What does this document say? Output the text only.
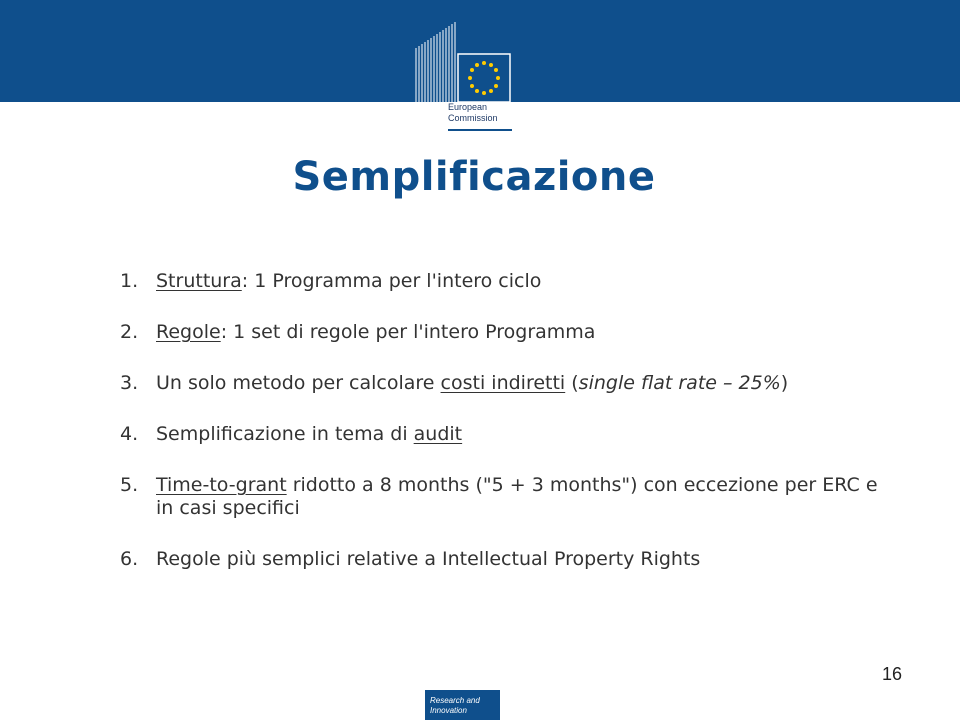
European
Commission
Semplificazione
1. Struttura: 1 Programma per l'intero ciclo
2. Regole: 1 set di regole per l'intero Programma
3. Un solo metodo per calcolare costi indiretti (single flat rate – 25%)
4. Semplificazione in tema di audit
5. Time-to-grant ridotto a 8 months ("5 + 3 months") con eccezione per ERC e in casi specifici
6. Regole più semplici relative a Intellectual Property Rights
16
Research and
Innovation
